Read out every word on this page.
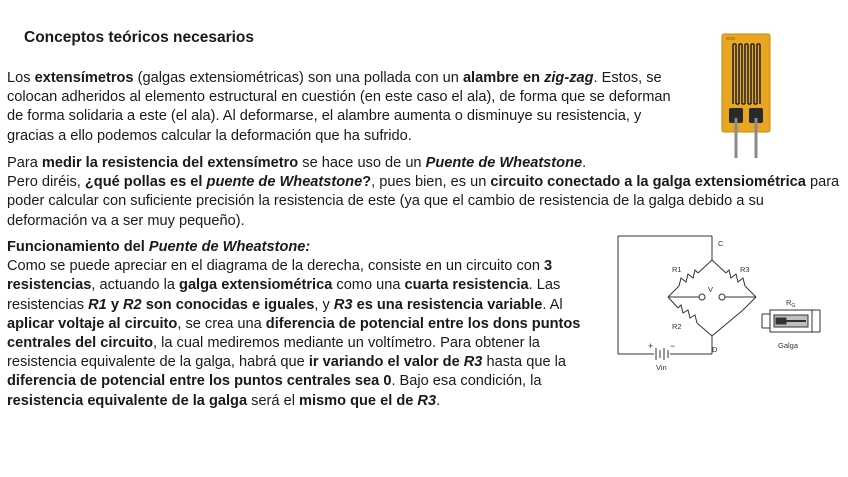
Conceptos teóricos necesarios

Los extensímetros (galgas extensiométricas) son una pollada con un alambre en zig-zag. Estos, se colocan adheridos al elemento estructural en cuestión (en este caso el ala), de forma que se deforman de forma solidaria a este (el ala). Al deformarse, el alambre aumenta o disminuye su resistencia, y gracias a ello podemos calcular la deformación que ha sufrido.

Para medir la resistencia del extensímetro se hace uso de un Puente de Wheatstone.
Pero diréis, ¿qué pollas es el puente de Wheatstone?, pues bien, es un circuito conectado a la galga extensiométrica para poder calcular con suficiente precisión la resistencia de este (ya que el cambio de resistencia de la galga debido a su deformación va a ser muy pequeño).

Funcionamiento del Puente de Wheatstone:
Como se puede apreciar en el diagrama de la derecha, consiste en un circuito con 3 resistencias, actuando la galga extensiométrica como una cuarta resistencia. Las resistencias R1 y R2 son conocidas e iguales, y R3 es una resistencia variable. Al aplicar voltaje al circuito, se crea una diferencia de potencial entre los dons puntos centrales del circuito, la cual mediremos mediante un voltímetro. Para obtener la resistencia equivalente de la galga, habrá que ir variando el valor de R3 hasta que la diferencia de potencial entre los puntos centrales sea 0. Bajo esa condición, la resistencia equivalente de la galga será el mismo que el de R3.

C
D
R1
R2
R3
V
$R_G$
Galga
Vin
+ −
